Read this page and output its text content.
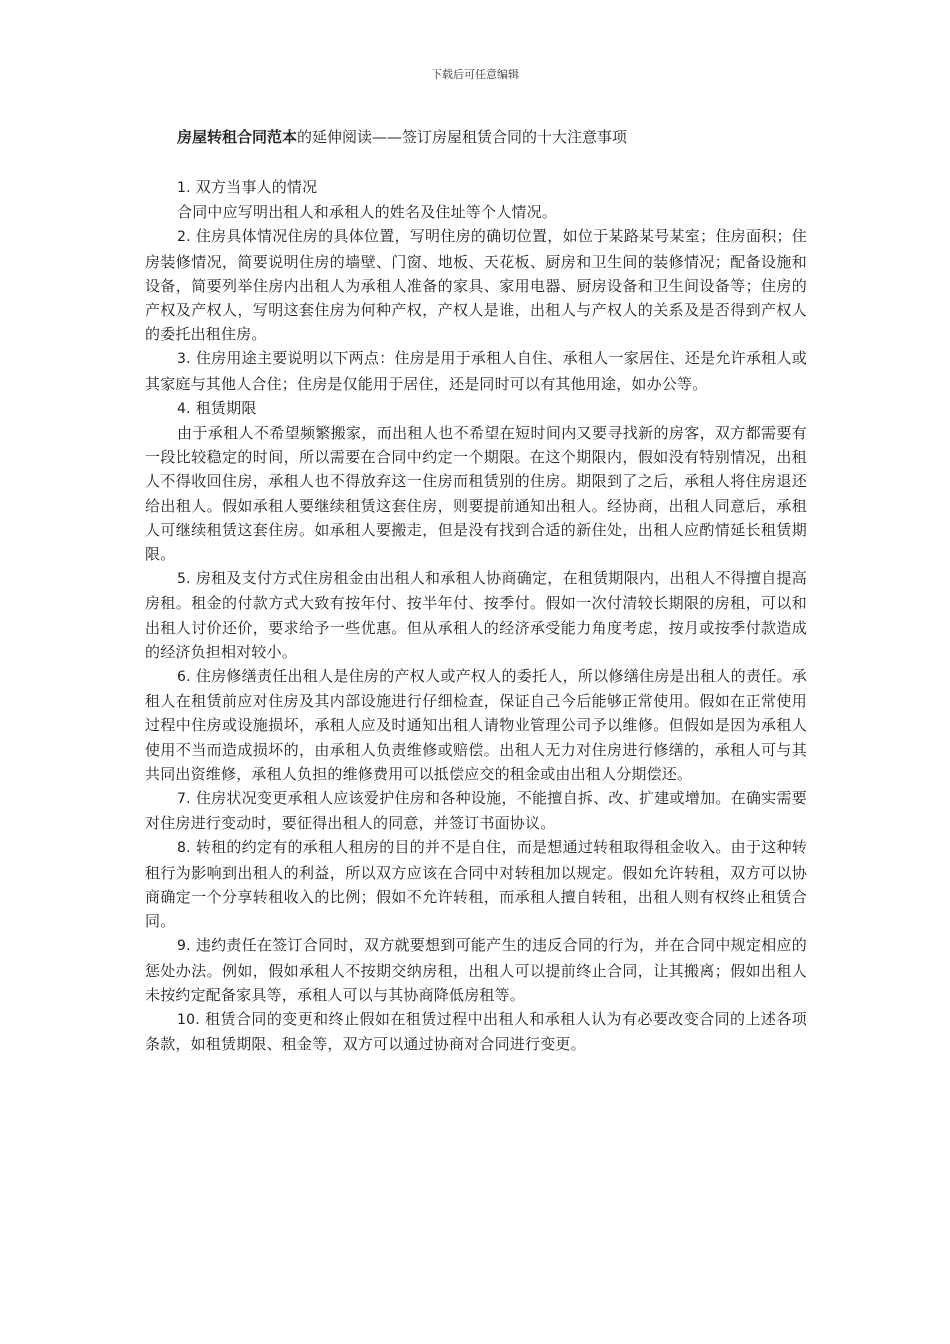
下载后可任意编辑

房屋转租合同范本的延伸阅读——签订房屋租赁合同的十大注意事项

1. 双方当事人的情况

合同中应写明出租人和承租人的姓名及住址等个人情况。

2. 住房具体情况住房的具体位置，写明住房的确切位置，如位于某路某号某室；住房面积；住房装修情况，简要说明住房的墙壁、门窗、地板、天花板、厨房和卫生间的装修情况；配备设施和设备，简要列举住房内出租人为承租人准备的家具、家用电器、厨房设备和卫生间设备等；住房的产权及产权人，写明这套住房为何种产权，产权人是谁，出租人与产权人的关系及是否得到产权人的委托出租住房。

3. 住房用途主要说明以下两点：住房是用于承租人自住、承租人一家居住、还是允许承租人或其家庭与其他人合住；住房是仅能用于居住，还是同时可以有其他用途，如办公等。

4. 租赁期限

由于承租人不希望频繁搬家，而出租人也不希望在短时间内又要寻找新的房客，双方都需要有一段比较稳定的时间，所以需要在合同中约定一个期限。在这个期限内，假如没有特别情况，出租人不得收回住房，承租人也不得放弃这一住房而租赁别的住房。期限到了之后，承租人将住房退还给出租人。假如承租人要继续租赁这套住房，则要提前通知出租人。经协商，出租人同意后，承租人可继续租赁这套住房。如承租人要搬走，但是没有找到合适的新住处，出租人应酌情延长租赁期限。

5. 房租及支付方式住房租金由出租人和承租人协商确定，在租赁期限内，出租人不得擅自提高房租。租金的付款方式大致有按年付、按半年付、按季付。假如一次付清较长期限的房租，可以和出租人讨价还价，要求给予一些优惠。但从承租人的经济承受能力角度考虑，按月或按季付款造成的经济负担相对较小。

6. 住房修缮责任出租人是住房的产权人或产权人的委托人，所以修缮住房是出租人的责任。承租人在租赁前应对住房及其内部设施进行仔细检查，保证自己今后能够正常使用。假如在正常使用过程中住房或设施损坏，承租人应及时通知出租人请物业管理公司予以维修。但假如是因为承租人使用不当而造成损坏的，由承租人负责维修或赔偿。出租人无力对住房进行修缮的，承租人可与其共同出资维修，承租人负担的维修费用可以抵偿应交的租金或由出租人分期偿还。

7. 住房状况变更承租人应该爱护住房和各种设施，不能擅自拆、改、扩建或增加。在确实需要对住房进行变动时，要征得出租人的同意，并签订书面协议。

8. 转租的约定有的承租人租房的目的并不是自住，而是想通过转租取得租金收入。由于这种转租行为影响到出租人的利益，所以双方应该在合同中对转租加以规定。假如允许转租，双方可以协商确定一个分享转租收入的比例；假如不允许转租，而承租人擅自转租，出租人则有权终止租赁合同。

9. 违约责任在签订合同时，双方就要想到可能产生的违反合同的行为，并在合同中规定相应的惩处办法。例如，假如承租人不按期交纳房租，出租人可以提前终止合同，让其搬离；假如出租人未按约定配备家具等，承租人可以与其协商降低房租等。

10. 租赁合同的变更和终止假如在租赁过程中出租人和承租人认为有必要改变合同的上述各项条款，如租赁期限、租金等，双方可以通过协商对合同进行变更。
